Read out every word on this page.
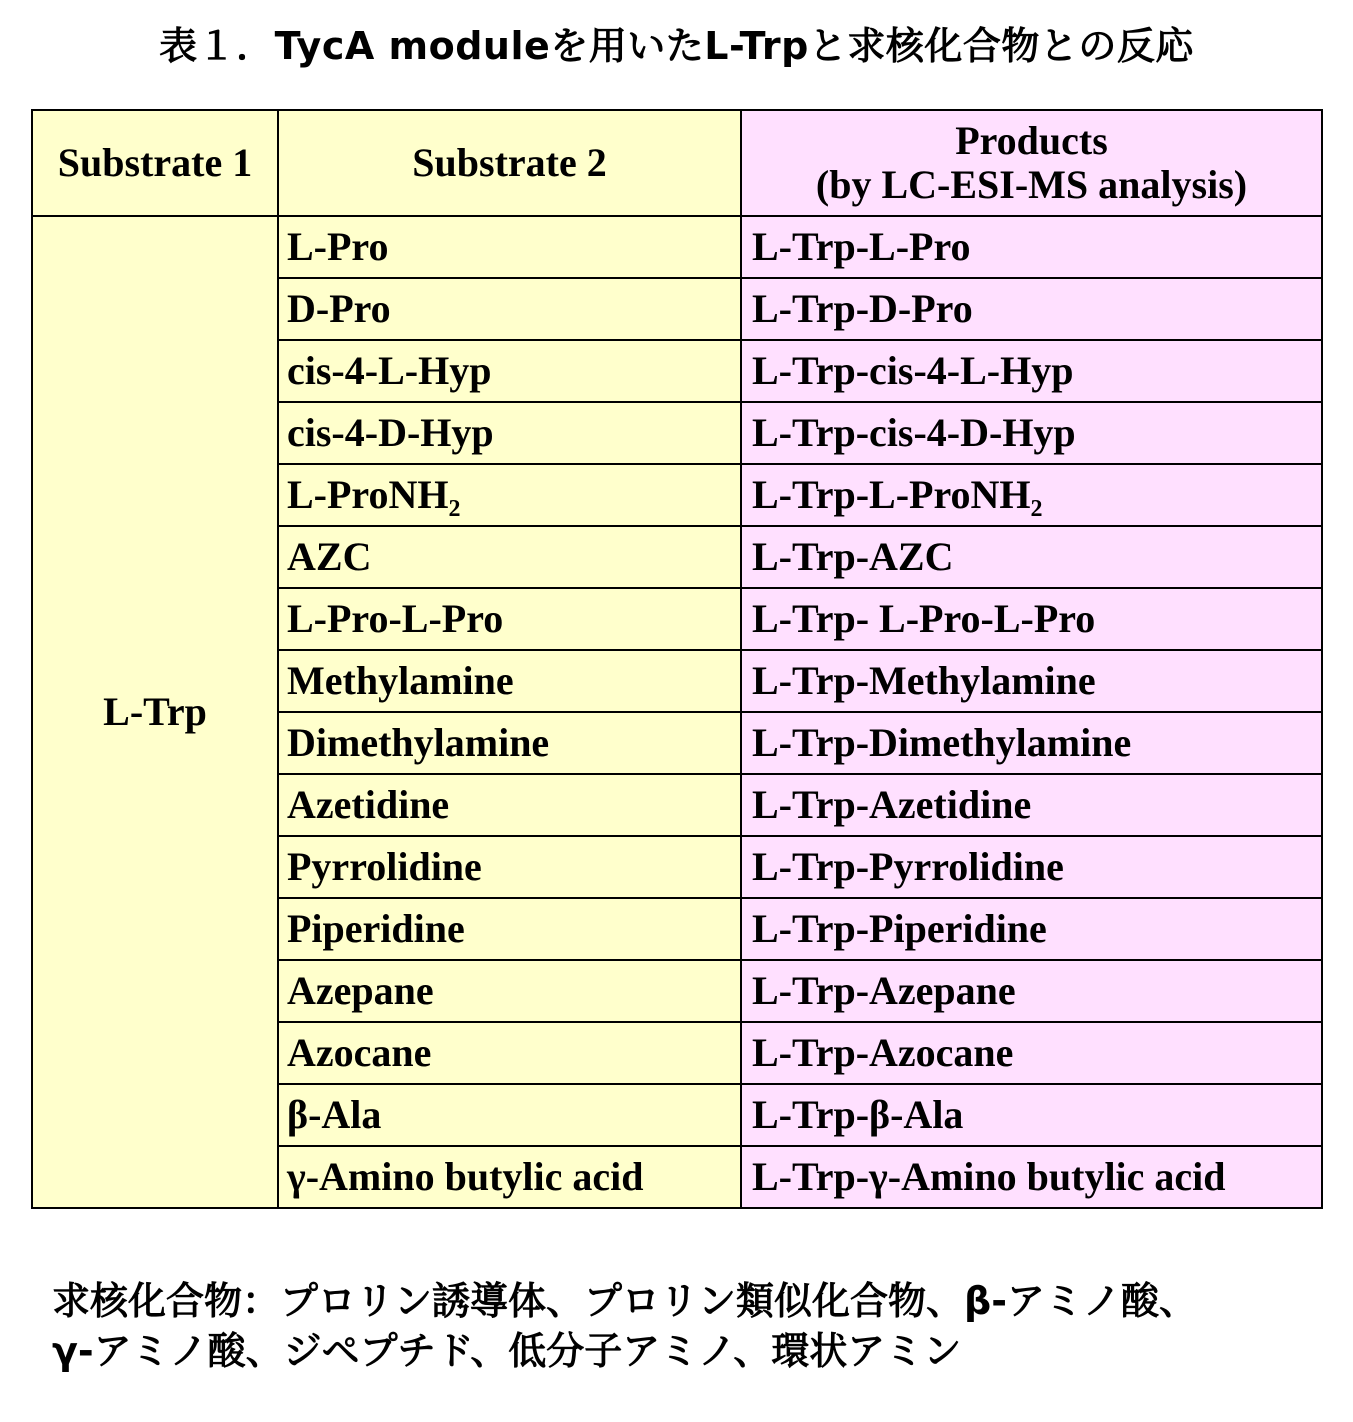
表１．TycA moduleを用いたL-Trpと求核化合物との反応
Substrate 1	Substrate 2	Products
(by LC-ESI-MS analysis)

L-Trp	L-Pro	L-Trp-L-Pro
	D-Pro	L-Trp-D-Pro
	cis-4-L-Hyp	L-Trp-cis-4-L-Hyp
	cis-4-D-Hyp	L-Trp-cis-4-D-Hyp
	L-ProNH₂	L-Trp-L-ProNH₂
	AZC	L-Trp-AZC
	L-Pro-L-Pro	L-Trp- L-Pro-L-Pro
	Methylamine	L-Trp-Methylamine
	Dimethylamine	L-Trp-Dimethylamine
	Azetidine	L-Trp-Azetidine
	Pyrrolidine	L-Trp-Pyrrolidine
	Piperidine	L-Trp-Piperidine
	Azepane	L-Trp-Azepane
	Azocane	L-Trp-Azocane
	β-Ala	L-Trp-β-Ala
	γ-Amino butylic acid	L-Trp-γ-Amino butylic acid
求核化合物：プロリン誘導体、プロリン類似化合物、β-アミノ酸、
γ-アミノ酸、ジペプチド、低分子アミノ、環状アミン
